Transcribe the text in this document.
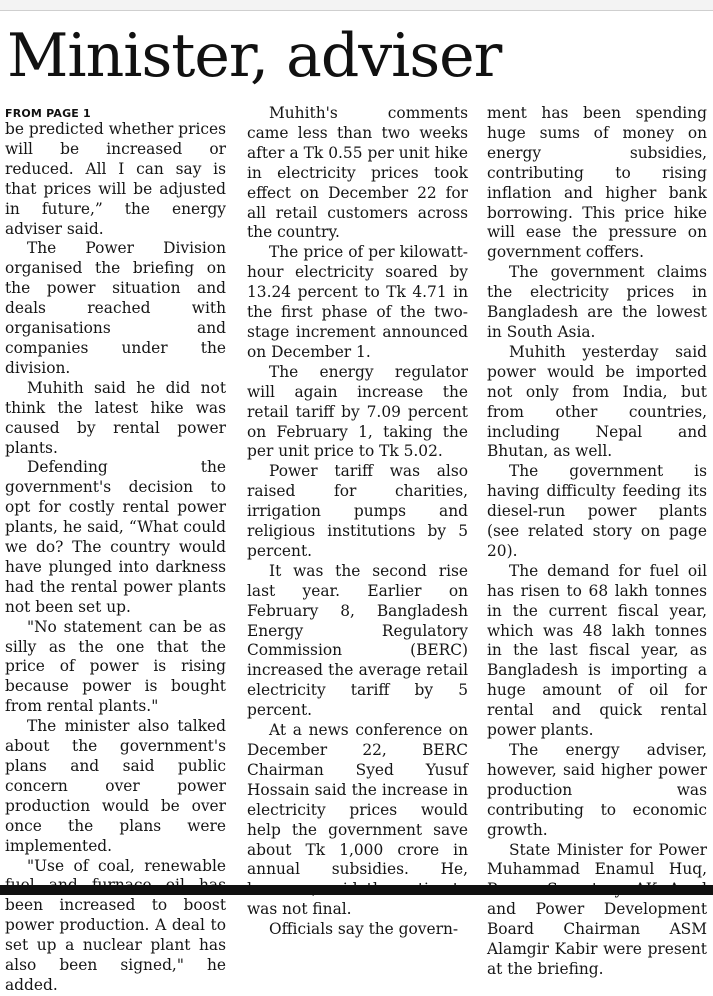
Minister, adviser
FROM PAGE 1

be predicted whether prices will be increased or reduced. All I can say is that prices will be adjusted in future,” the energy adviser said.

The Power Division organised the briefing on the power situation and deals reached with organisations and companies under the division.

Muhith said he did not think the latest hike was caused by rental power plants.

Defending the government's decision to opt for costly rental power plants, he said, “What could we do? The country would have plunged into darkness had the rental power plants not been set up.

"No statement can be as silly as the one that the price of power is rising because power is bought from rental plants."

The minister also talked about the government's plans and said public concern over power production would be over once the plans were implemented.

"Use of coal, renewable been increased to boost power production. A deal to set up a nuclear plant has also been signed," he added.

Muhith's comments came less than two weeks after a Tk 0.55 per unit hike in electricity prices took effect on December 22 for all retail customers across the country.

The price of per kilowatt-hour electricity soared by 13.24 percent to Tk 4.71 in the first phase of the two-stage increment announced on December 1.

The energy regulator will again increase the retail tariff by 7.09 percent on February 1, taking the per unit price to Tk 5.02.

Power tariff was also raised for charities, irrigation pumps and religious institutions by 5 percent.

It was the second rise last year. Earlier on February 8, Bangladesh Energy Regulatory Commission (BERC) increased the average retail electricity tariff by 5 percent.

At a news conference on December 22, BERC Chairman Syed Yusuf Hossain said the increase in electricity prices would help the government save about Tk 1,000 crore in annual subsidies. He, was not final.

Officials say the govern-

ment has been spending huge sums of money on energy subsidies, contributing to rising inflation and higher bank borrowing. This price hike will ease the pressure on government coffers.

The government claims the electricity prices in Bangladesh are the lowest in South Asia.

Muhith yesterday said power would be imported not only from India, but from other countries, including Nepal and Bhutan, as well.

The government is having difficulty feeding its diesel-run power plants (see related story on page 20).

The demand for fuel oil has risen to 68 lakh tonnes in the current fiscal year, which was 48 lakh tonnes in the last fiscal year, as Bangladesh is importing a huge amount of oil for rental and quick rental power plants.

The energy adviser, however, said higher power production was contributing to economic growth.

State Minister for Power Muhammad Enamul Huq, and Power Development Board Chairman ASM Alamgir Kabir were present at the briefing.
